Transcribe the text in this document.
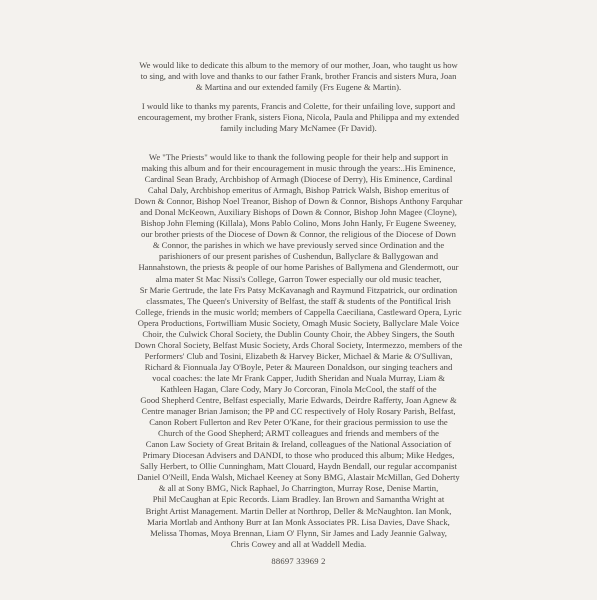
We would like to dedicate this album to the memory of our mother, Joan, who taught us how
to sing, and with love and thanks to our father Frank, brother Francis and sisters Mura, Joan
& Martina and our extended family (Frs Eugene & Martin).

I would like to thanks my parents, Francis and Colette, for their unfailing love, support and
encouragement, my brother Frank, sisters Fiona, Nicola, Paula and Philippa and my extended
family including Mary McNamee (Fr David).

We "The Priests" would like to thank the following people for their help and support in
making this album and for their encouragement in music through the years:..His Eminence,
Cardinal Sean Brady, Archbishop of Armagh (Diocese of Derry), His Eminence, Cardinal
Cahal Daly, Archbishop emeritus of Armagh, Bishop Patrick Walsh, Bishop emeritus of
Down & Connor, Bishop Noel Treanor, Bishop of Down & Connor, Bishops Anthony Farquhar
and Donal McKeown, Auxiliary Bishops of Down & Connor, Bishop John Magee (Cloyne),
Bishop John Fleming (Killala), Mons Pablo Colino, Mons John Hanly, Fr Eugene Sweeney,
our brother priests of the Diocese of Down & Connor, the religious of the Diocese of Down
& Connor, the parishes in which we have previously served since Ordination and the
parishioners of our present parishes of Cushendun, Ballyclare & Ballygowan and
Hannahstown, the priests & people of our home Parishes of Ballymena and Glendermott, our
alma mater St Mac Nissi's College, Garron Tower especially our old music teacher,
Sr Marie Gertrude, the late Frs Patsy McKavanagh and Raymund Fitzpatrick, our ordination
classmates, The Queen's University of Belfast, the staff & students of the Pontifical Irish
College, friends in the music world; members of Cappella Caeciliana, Castleward Opera, Lyric
Opera Productions, Fortwilliam Music Society, Omagh Music Society, Ballyclare Male Voice
Choir, the Culwick Choral Society, the Dublin County Choir, the Abbey Singers, the South
Down Choral Society, Belfast Music Society, Ards Choral Society, Intermezzo, members of the
Performers' Club and Tosini, Elizabeth & Harvey Bicker, Michael & Marie & O'Sullivan,
Richard & Fionnuala Jay O'Boyle, Peter & Maureen Donaldson, our singing teachers and
vocal coaches: the late Mr Frank Capper, Judith Sheridan and Nuala Murray, Liam &
Kathleen Hagan, Clare Cody, Mary Jo Corcoran, Finola McCool, the staff of the
Good Shepherd Centre, Belfast especially, Marie Edwards, Deirdre Rafferty, Joan Agnew &
Centre manager Brian Jamison; the PP and CC respectively of Holy Rosary Parish, Belfast,
Canon Robert Fullerton and Rev Peter O'Kane, for their gracious permission to use the
Church of the Good Shepherd; ARMT colleagues and friends and members of the
Canon Law Society of Great Britain & Ireland, colleagues of the National Association of
Primary Diocesan Advisers and DANDI, to those who produced this album; Mike Hedges,
Sally Herbert, to Ollie Cunningham, Matt Clouard, Haydn Bendall, our regular accompanist
Daniel O'Neill, Enda Walsh, Michael Keeney at Sony BMG, Alastair McMillan, Ged Doherty
& all at Sony BMG, Nick Raphael, Jo Charrington, Murray Rose, Denise Martin,
Phil McCaughan at Epic Records. Liam Bradley. Ian Brown and Samantha Wright at
Bright Artist Management. Martin Deller at Northrop, Deller & McNaughton. Ian Monk,
Maria Mortlab and Anthony Burr at Ian Monk Associates PR. Lisa Davies, Dave Shack,
Melissa Thomas, Moya Brennan, Liam O' Flynn, Sir James and Lady Jeannie Galway,
Chris Cowey and all at Waddell Media.

88697 33969 2
